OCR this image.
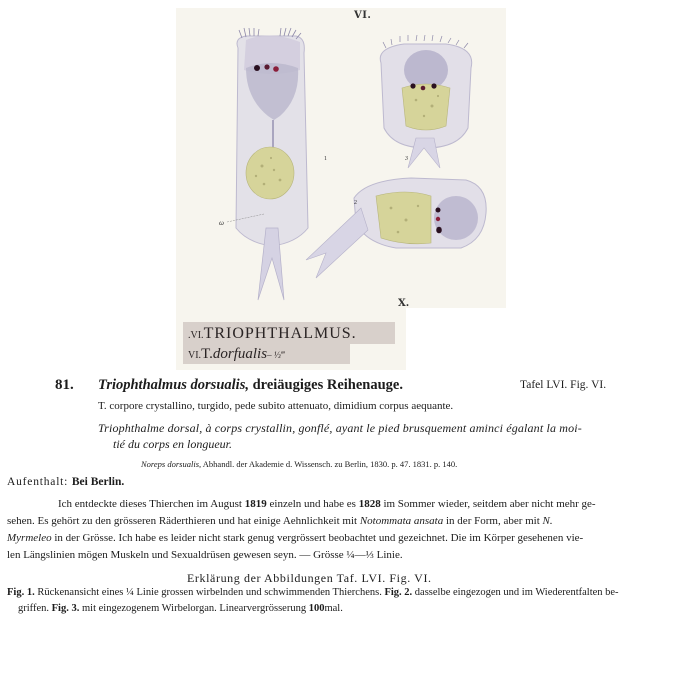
ω
1	3
2
VI.
X.
.VI.TRIOPHTHALMUS.
VI.T.dorfualis– ⅓‴
81. Triophthalmus dorsualis, dreiäugiges Reihenauge.	Tafel LVI. Fig. VI.
T. corpore crystallino, turgido, pede subito attenuato, dimidium corpus aequante.
Triophthalme dorsal, à corps crystallin, gonflé, ayant le pied brusquement aminci égalant la moi-
tié du corps en longueur.
Noreps dorsualis, Abhandl. der Akademie d. Wissensch. zu Berlin, 1830. p. 47. 1831. p. 140.
Aufenthalt: Bei Berlin.
Ich entdeckte dieses Thierchen im August 1819 einzeln und habe es 1828 im Sommer wieder, seitdem aber nicht mehr ge-
sehen. Es gehört zu den grösseren Räderthieren und hat einige Aehnlichkeit mit Notommata ansata in der Form, aber mit N.
Myrmeleo in der Grösse. Ich habe es leider nicht stark genug vergrössert beobachtet und gezeichnet. Die im Körper gesehenen vie-
len Längslinien mögen Muskeln und Sexualdrüsen gewesen seyn. — Grösse ¼—⅓ Linie.
Erklärung der Abbildungen Taf. LVI. Fig. VI.
Fig. 1. Rückenansicht eines ¼ Linie grossen wirbelnden und schwimmenden Thierchens. Fig. 2. dasselbe eingezogen und im Wiederentfalten be-
griffen. Fig. 3. mit eingezogenem Wirbelorgan. Linearvergrösserung 100mal.
